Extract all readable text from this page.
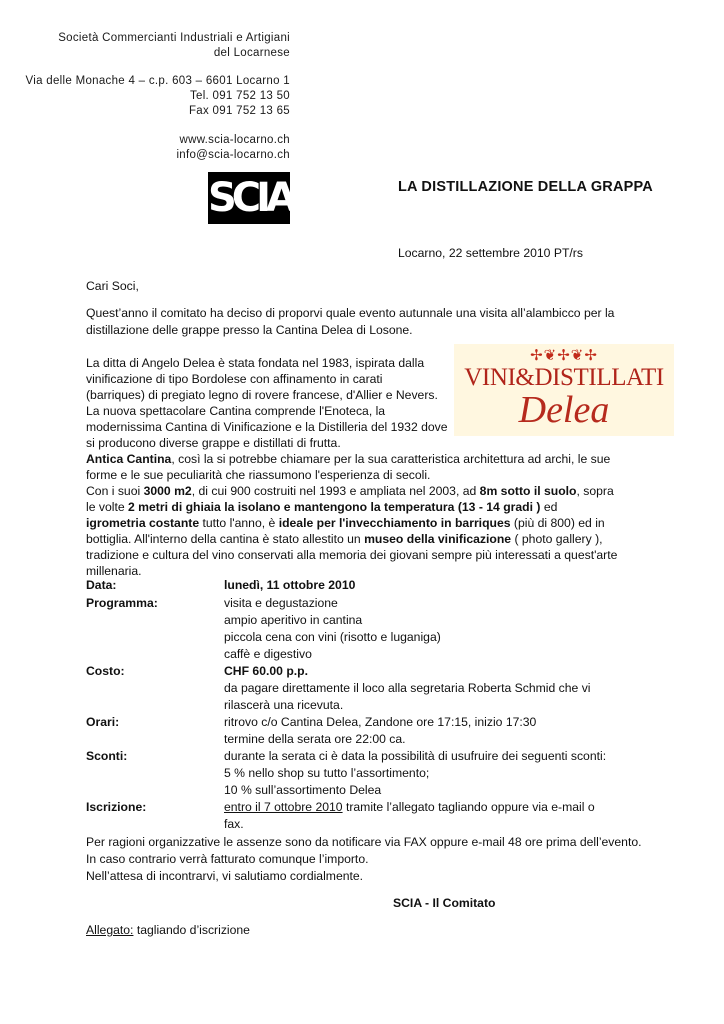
Società Commercianti Industriali e Artigiani
del Locarnese
Via delle Monache 4 – c.p. 603 – 6601 Locarno 1
Tel. 091 752 13 50
Fax 091 752 13 65
www.scia-locarno.ch
info@scia-locarno.ch
SCIA	LA DISTILLAZIONE DELLA GRAPPA
Locarno, 22 settembre 2010 PT/rs
Cari Soci,
Quest’anno il comitato ha deciso di proporvi quale evento autunnale una visita all’alambicco per la
distillazione delle grappe presso la Cantina Delea di Losone.
✢❦✢❦✢
VINI&DISTILLATI
Delea
La ditta di Angelo Delea è stata fondata nel 1983, ispirata dalla
vinificazione di tipo Bordolese con affinamento in carati
(barriques) di pregiato legno di rovere francese, d'Allier e Nevers.
La nuova spettacolare Cantina comprende l'Enoteca, la
modernissima Cantina di Vinificazione e la Distilleria del 1932 dove
si producono diverse grappe e distillati di frutta.
Antica Cantina, così la si potrebbe chiamare per la sua caratteristica architettura ad archi, le sue
forme e le sue peculiarità che riassumono l'esperienza di secoli.
Con i suoi 3000 m2, di cui 900 costruiti nel 1993 e ampliata nel 2003, ad 8m sotto il suolo, sopra
le volte 2 metri di ghiaia la isolano e mantengono la temperatura (13 - 14 gradi ) ed
igrometria costante tutto l'anno, è ideale per l'invecchiamento in barriques (più di 800) ed in
bottiglia. All'interno della cantina è stato allestito un museo della vinificazione ( photo gallery ),
tradizione e cultura del vino conservati alla memoria dei giovani sempre più interessati a quest'arte
millenaria.
Data:	lunedì, 11 ottobre 2010
Programma:	visita e degustazione
ampio aperitivo in cantina
piccola cena con vini (risotto e luganiga)
caffè e digestivo
Costo:	CHF 60.00 p.p.
da pagare direttamente il loco alla segretaria Roberta Schmid che vi
rilascerà una ricevuta.
Orari:	ritrovo c/o Cantina Delea, Zandone ore 17:15, inizio 17:30
termine della serata ore 22:00 ca.
Sconti:	durante la serata ci è data la possibilità di usufruire dei seguenti sconti:
5 % nello shop su tutto l’assortimento;
10 % sull’assortimento Delea
Iscrizione:	entro il 7 ottobre 2010 tramite l’allegato tagliando oppure via e-mail o
fax.
Per ragioni organizzative le assenze sono da notificare via FAX oppure e-mail 48 ore prima dell’evento.
In caso contrario verrà fatturato comunque l’importo.
Nell’attesa di incontrarvi, vi salutiamo cordialmente.
SCIA - Il Comitato
Allegato: tagliando d’iscrizione
